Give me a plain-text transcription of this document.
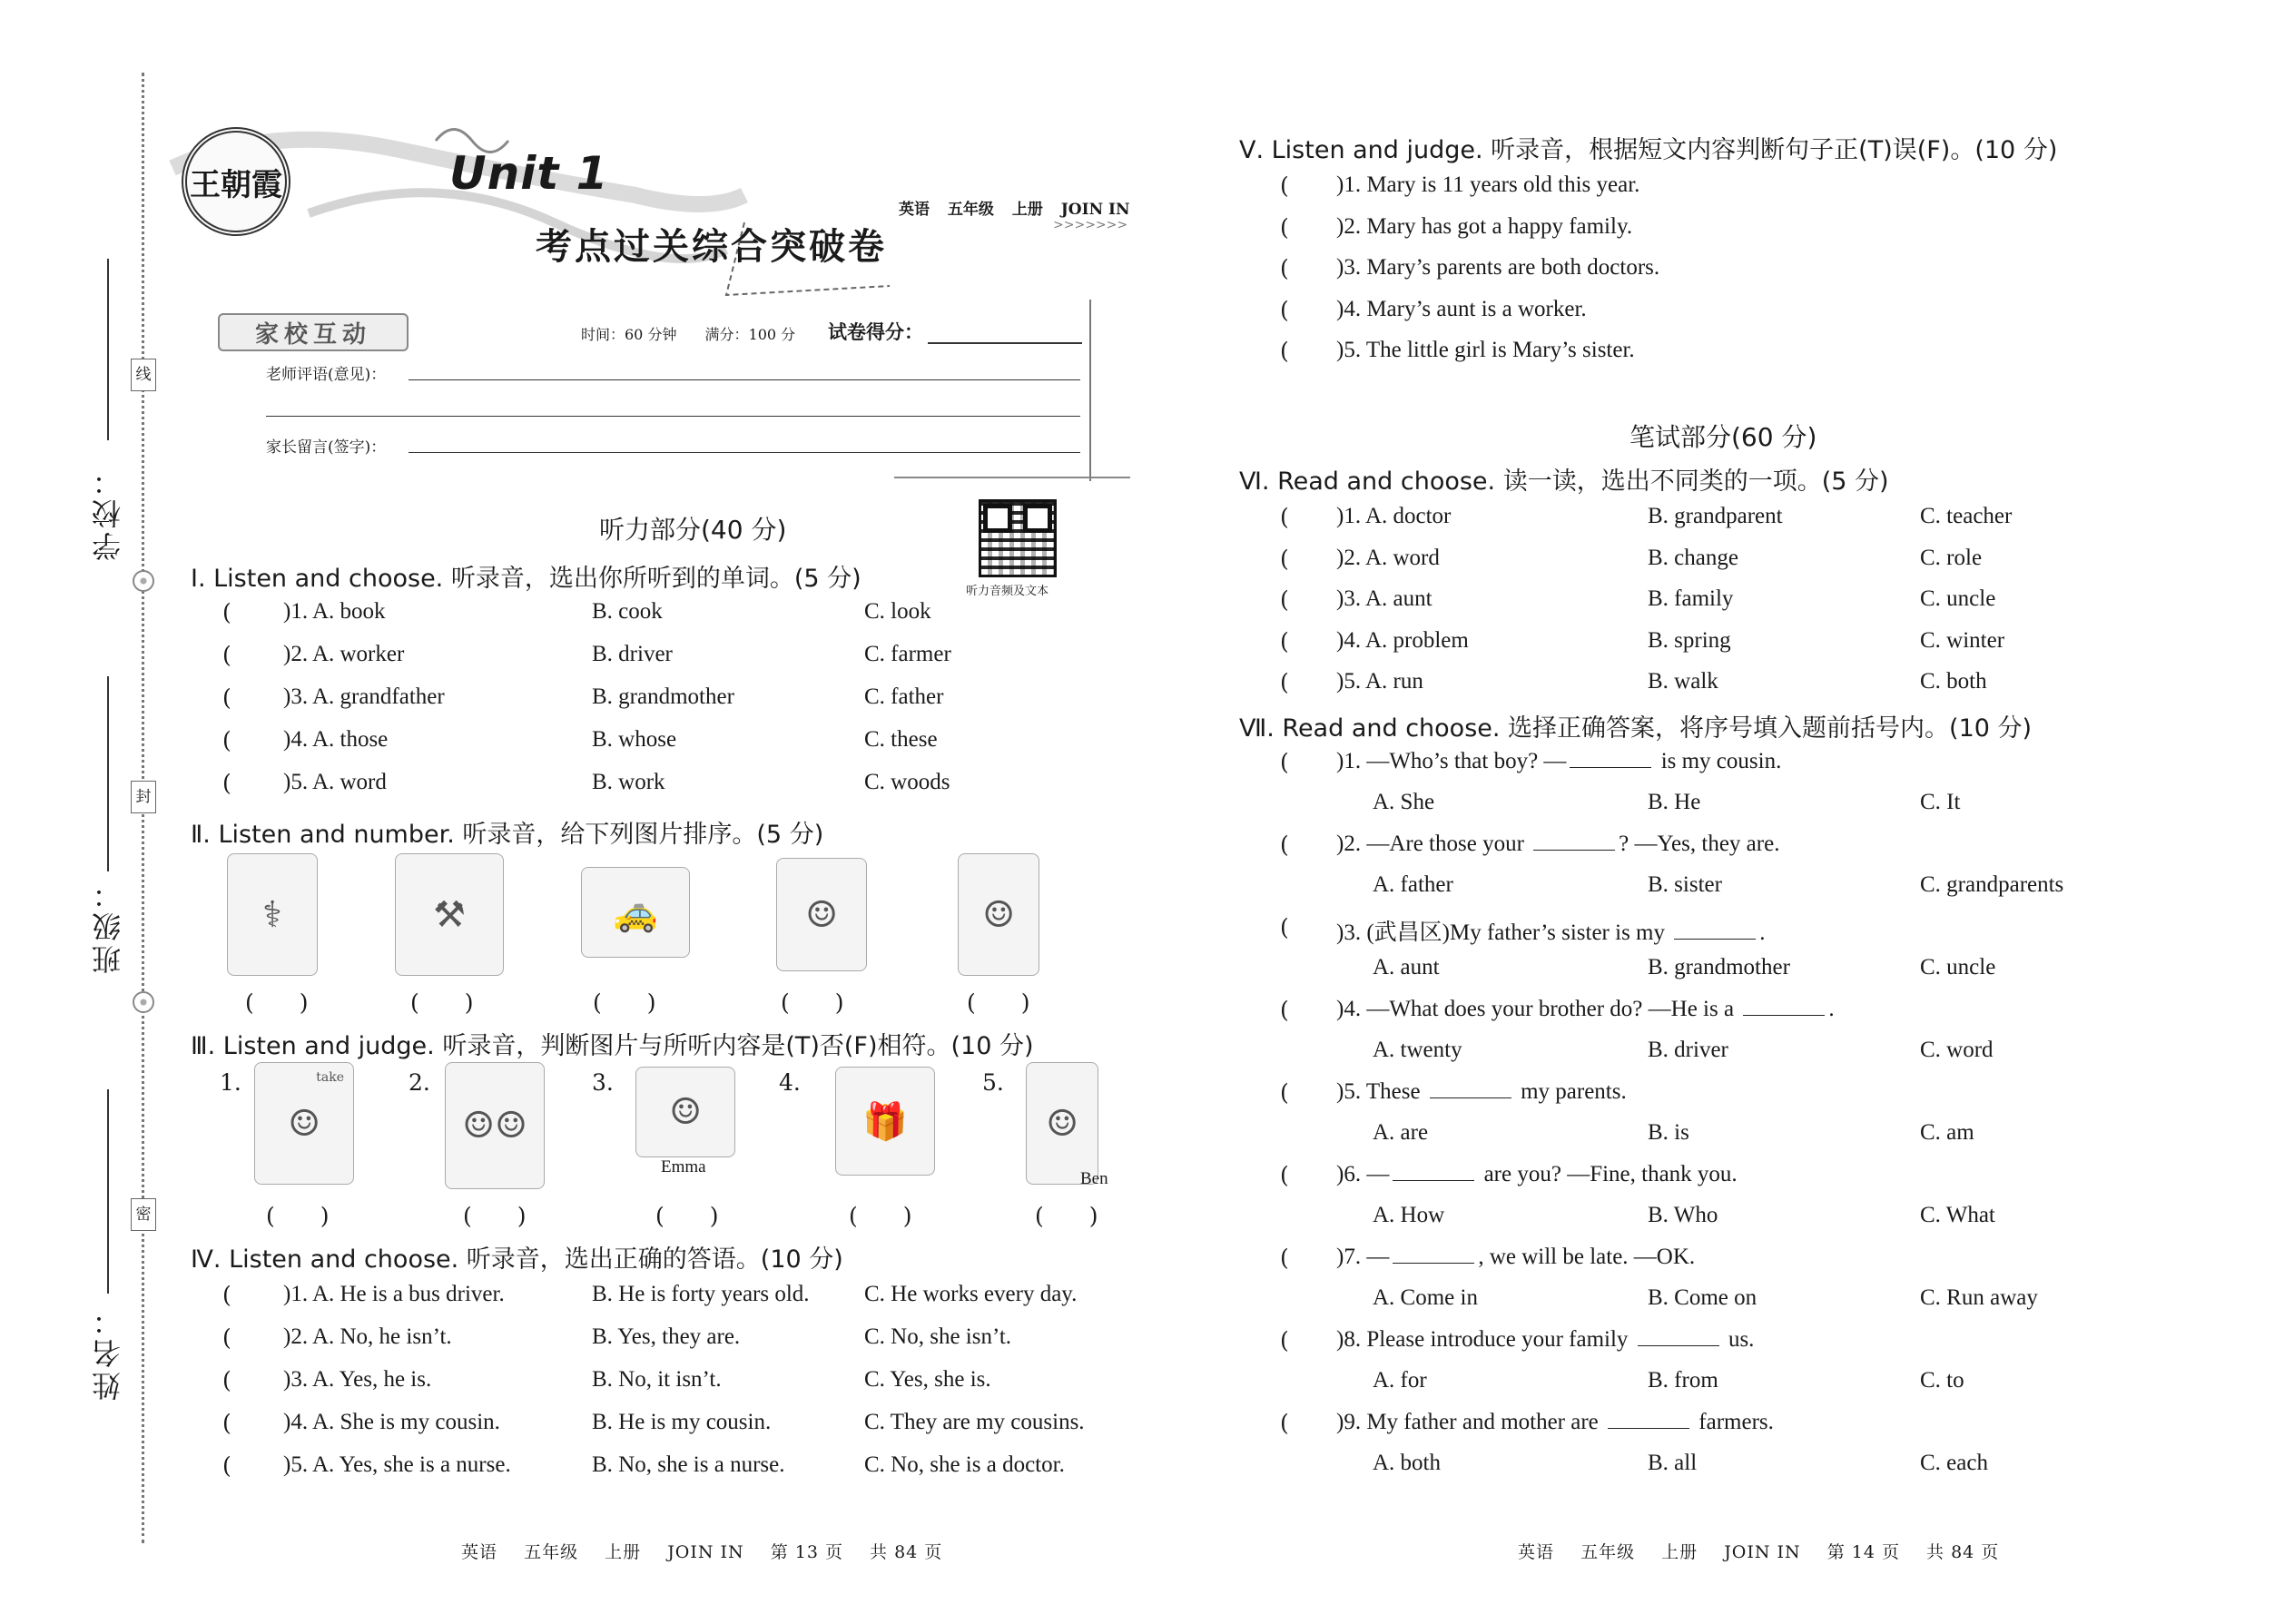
学校：
班级：
姓名：
线
封
密
王朝霞	Unit 1
考点过关综合突破卷
英语 五年级 上册 JOIN IN
>>>>>>>
家校互动	时间：60 分钟 满分：100 分	试卷得分：
老师评语(意见)：
家长留言(签字)：
听力部分(40 分)
听力音频及文本
Ⅰ. Listen and choose. 听录音，选出你所听到的单词。(5 分)
( )1. A. book	B. cook	C. look
( )2. A. worker	B. driver	C. farmer
( )3. A. grandfather	B. grandmother	C. father
( )4. A. those	B. whose	C. these
( )5. A. word	B. work	C. woods
Ⅱ. Listen and number. 听录音，给下列图片排序。(5 分)
⚕	⚒	🚕	☺	☺
(　　)	(　　)	(　　)	(　　)	(　　)
Ⅲ. Listen and judge. 听录音，判断图片与所听内容是(T)否(F)相符。(10 分)
1.	take
☺
2.
☺☺
3.
☺
Emma
4.
🎁
5.
☺
Ben
(　　)	(　　)	(　　)	(　　)	(　　)
Ⅳ. Listen and choose. 听录音，选出正确的答语。(10 分)
( )1. A. He is a bus driver.	B. He is forty years old. C. He works every day.
( )2. A. No, he isn’t.	B. Yes, they are.	C. No, she isn’t.
( )3. A. Yes, he is.	B. No, it isn’t.	C. Yes, she is.
( )4. A. She is my cousin.	B. He is my cousin.	C. They are my cousins.
( )5. A. Yes, she is a nurse.	B. No, she is a nurse.	C. No, she is a doctor.
Ⅴ. Listen and judge. 听录音，根据短文内容判断句子正(T)误(F)。(10 分)
( )1. Mary is 11 years old this year.
( )2. Mary has got a happy family.
( )3. Mary’s parents are both doctors.
( )4. Mary’s aunt is a worker.
( )5. The little girl is Mary’s sister.
笔试部分(60 分)
Ⅵ. Read and choose. 读一读，选出不同类的一项。(5 分)
( )1. A. doctor	B. grandparent	C. teacher
( )2. A. word	B. change	C. role
( )3. A. aunt	B. family	C. uncle
( )4. A. problem	B. spring	C. winter
( )5. A. run	B. walk	C. both
Ⅶ. Read and choose. 选择正确答案，将序号填入题前括号内。(10 分)
( )1. —Who’s that boy? —	is my cousin.
A. She	B. He	C. It
( )2. —Are those your	? —Yes, they are.
A. father	B. sister	C. grandparents
( )3. (武昌区)My father’s sister is my	.
A. aunt	B. grandmother	C. uncle
( )4. —What does your brother do? —He is a	.
A. twenty	B. driver	C. word
( )5. These	my parents.
A. are	B. is	C. am
( )6. —	are you? —Fine, thank you.
A. How	B. Who	C. What
( )7. —	, we will be late. —OK.
A. Come in	B. Come on	C. Run away
( )8. Please introduce your family	us.
A. for	B. from	C. to
( )9. My father and mother are	farmers.
A. both	B. all	C. each
英语 五年级 上册 JOIN IN 第 13 页 共 84 页	英语 五年级 上册 JOIN IN 第 14 页 共 84 页
